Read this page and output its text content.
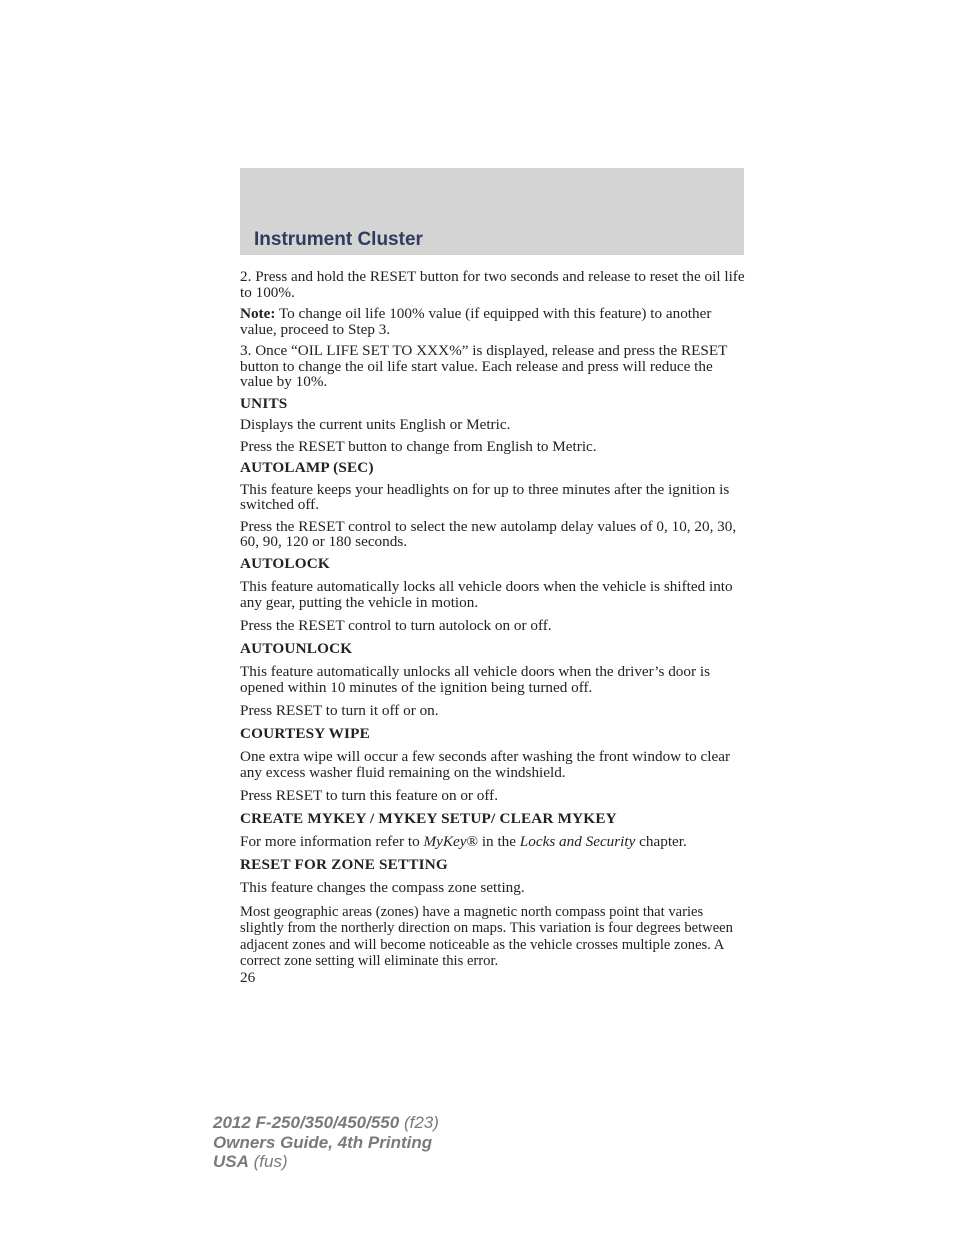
Instrument Cluster

2. Press and hold the RESET button for two seconds and release to reset the oil life to 100%.

Note: To change oil life 100% value (if equipped with this feature) to another value, proceed to Step 3.

3. Once “OIL LIFE SET TO XXX%” is displayed, release and press the RESET button to change the oil life start value. Each release and press will reduce the value by 10%.

UNITS

Displays the current units English or Metric.

Press the RESET button to change from English to Metric.

AUTOLAMP (SEC)

This feature keeps your headlights on for up to three minutes after the ignition is switched off.

Press the RESET control to select the new autolamp delay values of 0, 10, 20, 30, 60, 90, 120 or 180 seconds.

AUTOLOCK

This feature automatically locks all vehicle doors when the vehicle is shifted into any gear, putting the vehicle in motion.

Press the RESET control to turn autolock on or off.

AUTOUNLOCK

This feature automatically unlocks all vehicle doors when the driver’s door is opened within 10 minutes of the ignition being turned off.

Press RESET to turn it off or on.

COURTESY WIPE

One extra wipe will occur a few seconds after washing the front window to clear any excess washer fluid remaining on the windshield.

Press RESET to turn this feature on or off.

CREATE MYKEY / MYKEY SETUP/ CLEAR MYKEY

For more information refer to MyKey® in the Locks and Security chapter.

RESET FOR ZONE SETTING

This feature changes the compass zone setting.

Most geographic areas (zones) have a magnetic north compass point that varies slightly from the northerly direction on maps. This variation is four degrees between adjacent zones and will become noticeable as the vehicle crosses multiple zones. A correct zone setting will eliminate this error.

26

2012 F-250/350/450/550 (f23)
Owners Guide, 4th Printing
USA (fus)
